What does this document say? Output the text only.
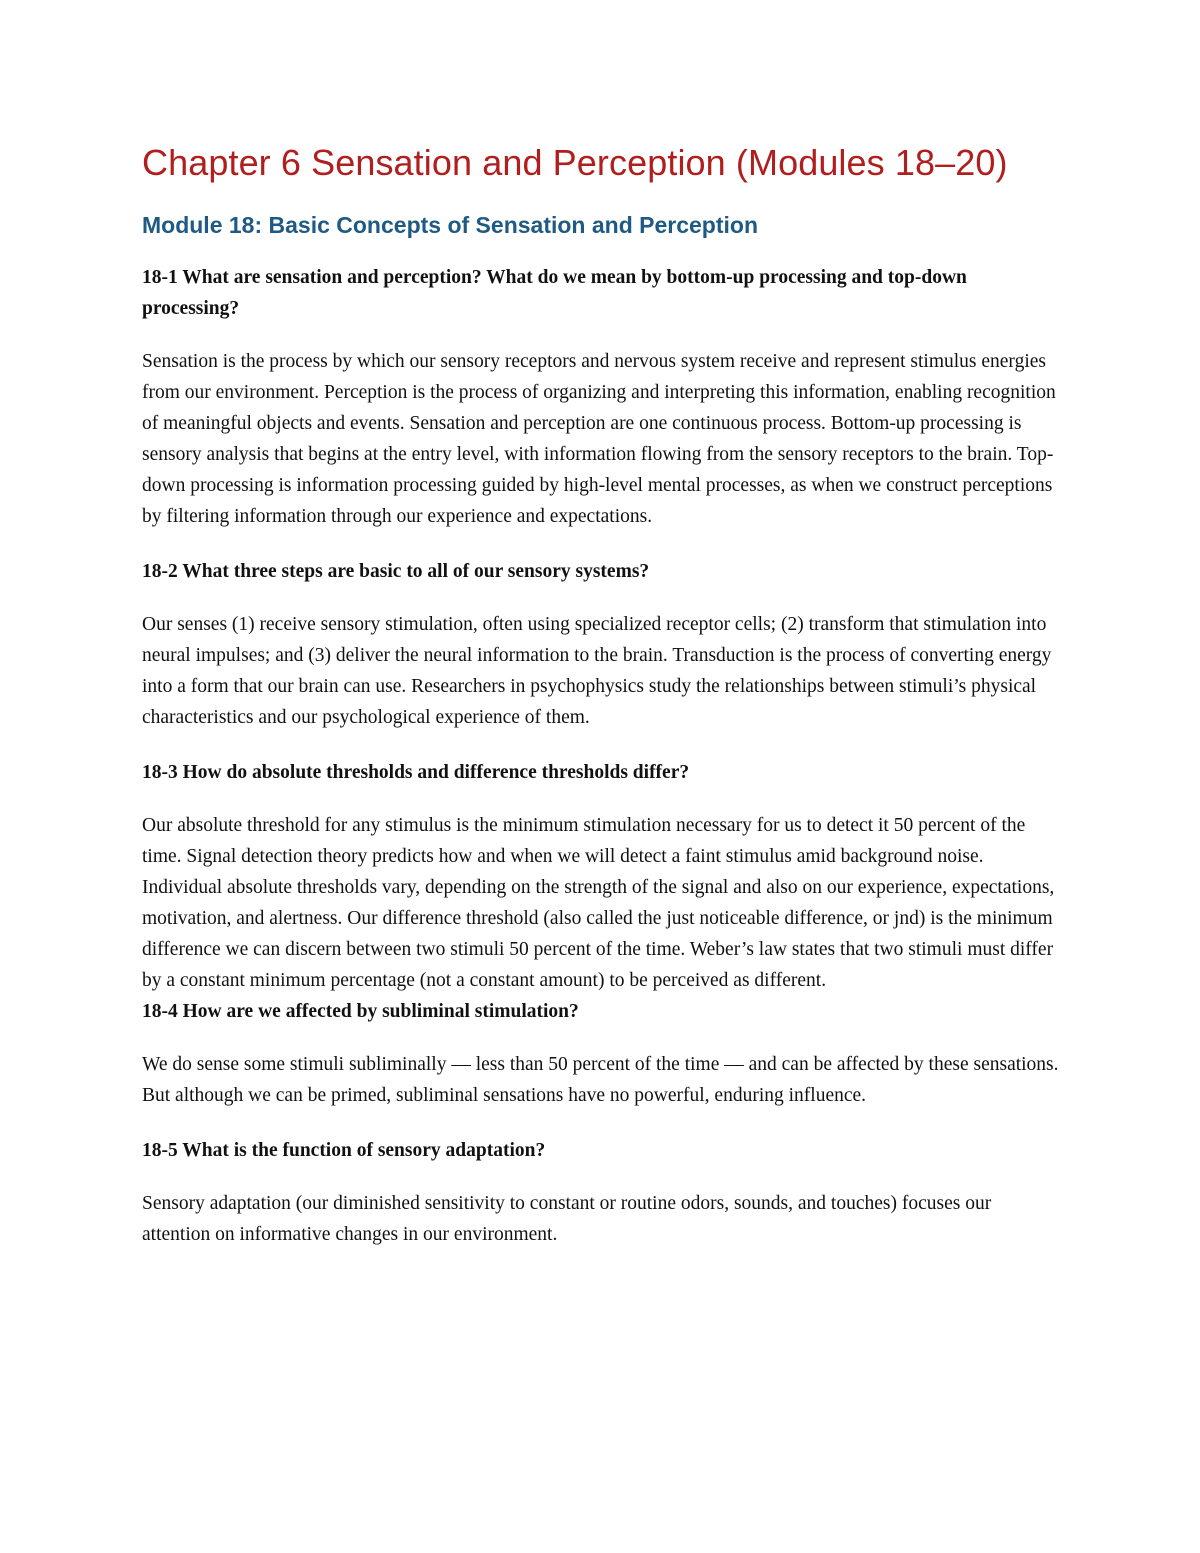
Chapter 6 Sensation and Perception (Modules 18–20)
Module 18: Basic Concepts of Sensation and Perception

18-1 What are sensation and perception? What do we mean by bottom-up processing and top-down processing?

Sensation is the process by which our sensory receptors and nervous system receive and represent stimulus energies from our environment. Perception is the process of organizing and interpreting this information, enabling recognition of meaningful objects and events. Sensation and perception are one continuous process. Bottom-up processing is sensory analysis that begins at the entry level, with information flowing from the sensory receptors to the brain. Top-down processing is information processing guided by high-level mental processes, as when we construct perceptions by filtering information through our experience and expectations.

18-2 What three steps are basic to all of our sensory systems?

Our senses (1) receive sensory stimulation, often using specialized receptor cells; (2) transform that stimulation into neural impulses; and (3) deliver the neural information to the brain. Transduction is the process of converting energy into a form that our brain can use. Researchers in psychophysics study the relationships between stimuli’s physical characteristics and our psychological experience of them.

18-3 How do absolute thresholds and difference thresholds differ?

Our absolute threshold for any stimulus is the minimum stimulation necessary for us to detect it 50 percent of the time. Signal detection theory predicts how and when we will detect a faint stimulus amid background noise. Individual absolute thresholds vary, depending on the strength of the signal and also on our experience, expectations, motivation, and alertness. Our difference threshold (also called the just noticeable difference, or jnd) is the minimum difference we can discern between two stimuli 50 percent of the time. Weber’s law states that two stimuli must differ by a constant minimum percentage (not a constant amount) to be perceived as different.

18-4 How are we affected by subliminal stimulation?

We do sense some stimuli subliminally — less than 50 percent of the time — and can be affected by these sensations. But although we can be primed, subliminal sensations have no powerful, enduring influence.

18-5 What is the function of sensory adaptation?

Sensory adaptation (our diminished sensitivity to constant or routine odors, sounds, and touches) focuses our attention on informative changes in our environment.
